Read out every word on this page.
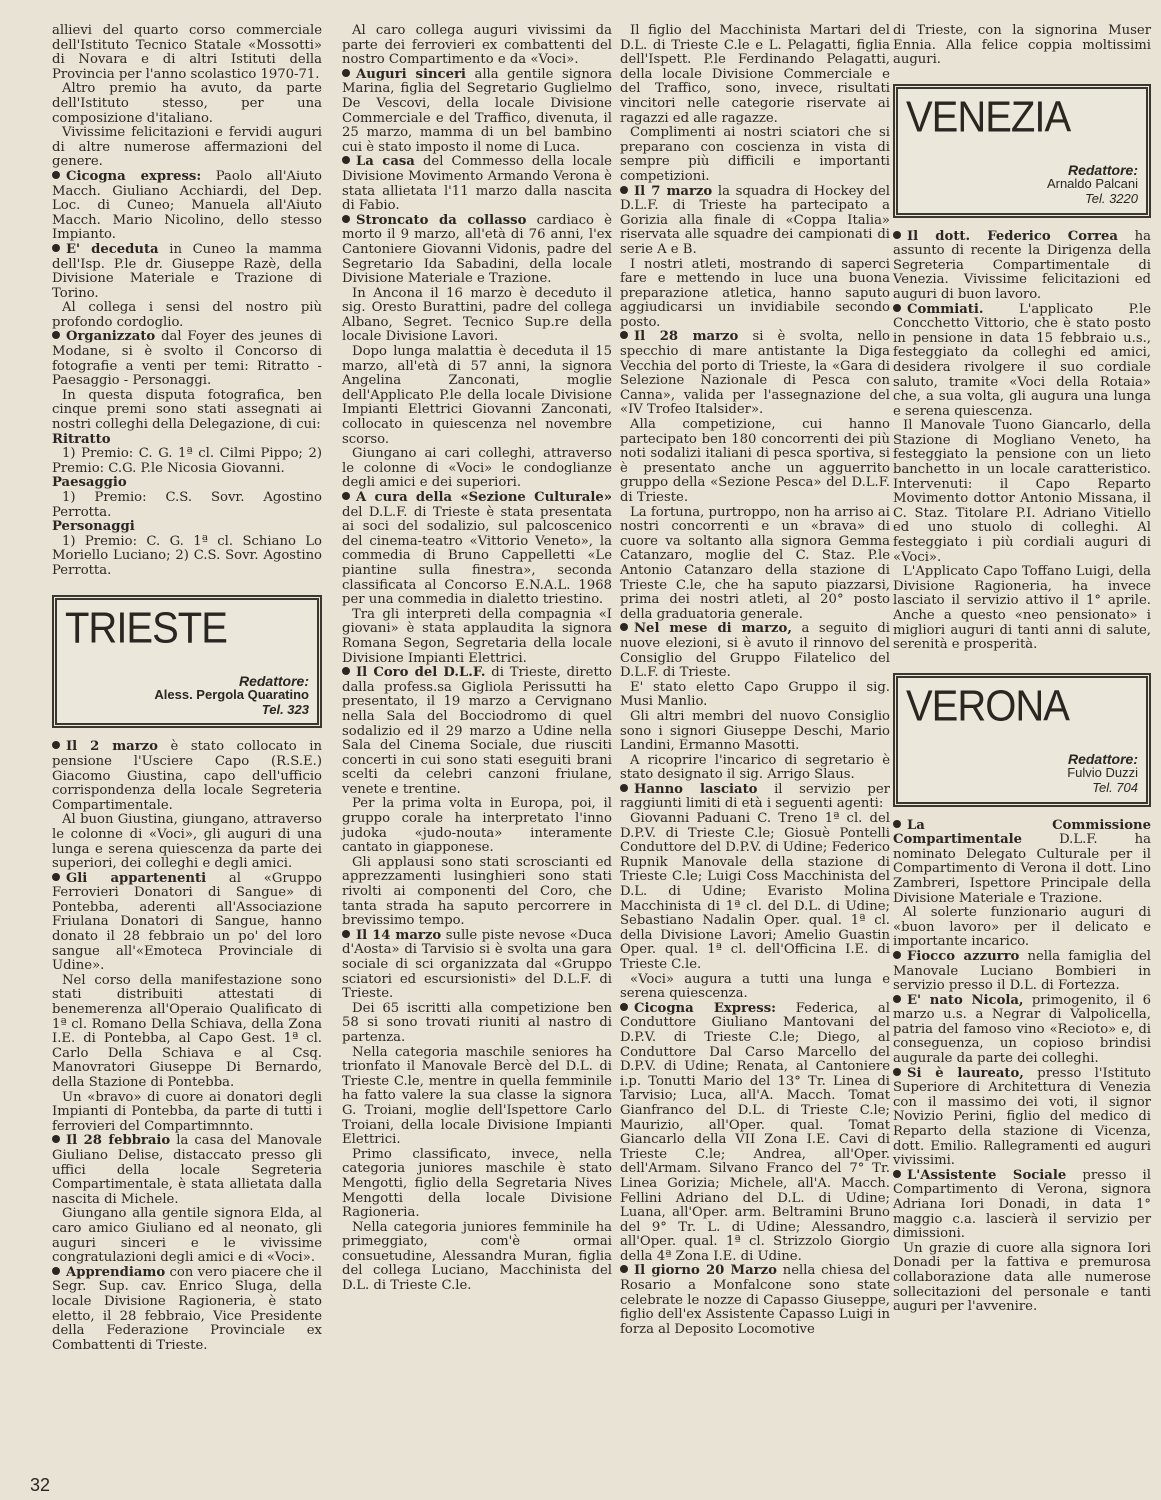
allievi del quarto corso commerciale dell'Istituto Tecnico Statale «Mossotti» di Novara e di altri Istituti della Provincia per l'anno scolastico 1970-71.

Altro premio ha avuto, da parte dell'Istituto stesso, per una composizione d'italiano.

Vivissime felicitazioni e fervidi auguri di altre numerose affermazioni del genere.

Cicogna express: Paolo all'Aiuto Macch. Giuliano Acchiardi, del Dep. Loc. di Cuneo; Manuela all'Aiuto Macch. Mario Nicolino, dello stesso Impianto.

E' deceduta in Cuneo la mamma dell'Isp. P.le dr. Giuseppe Razè, della Divisione Materiale e Trazione di Torino.

Al collega i sensi del nostro più profondo cordoglio.

Organizzato dal Foyer des jeunes di Modane, si è svolto il Concorso di fotografie a venti per temi: Ritratto - Paesaggio - Personaggi.

In questa disputa fotografica, ben cinque premi sono stati assegnati ai nostri colleghi della Delegazione, di cui:

Ritratto

1) Premio: C. G. 1ª cl. Cilmi Pippo; 2) Premio: C.G. P.le Nicosia Giovanni.

Paesaggio

1) Premio: C.S. Sovr. Agostino Perrotta.

Personaggi

1) Premio: C. G. 1ª cl. Schiano Lo Moriello Luciano; 2) C.S. Sovr. Agostino Perrotta.

TRIESTE
Redattore:
Aless. Pergola Quaratino
Tel. 323

Il 2 marzo è stato collocato in pensione l'Usciere Capo (R.S.E.) Giacomo Giustina, capo dell'ufficio corrispondenza della locale Segreteria Compartimentale.

Al buon Giustina, giungano, attraverso le colonne di «Voci», gli auguri di una lunga e serena quiescenza da parte dei superiori, dei colleghi e degli amici.

Gli appartenenti al «Gruppo Ferrovieri Donatori di Sangue» di Pontebba, aderenti all'Associazione Friulana Donatori di Sangue, hanno donato il 28 febbraio un po' del loro sangue all'«Emoteca Provinciale di Udine».

Nel corso della manifestazione sono stati distribuiti attestati di benemerenza all'Operaio Qualificato di 1ª cl. Romano Della Schiava, della Zona I.E. di Pontebba, al Capo Gest. 1ª cl. Carlo Della Schiava e al Csq. Manovratori Giuseppe Di Bernardo, della Stazione di Pontebba.

Un «bravo» di cuore ai donatori degli Impianti di Pontebba, da parte di tutti i ferrovieri del Compartimnnto.

Il 28 febbraio la casa del Manovale Giuliano Delise, distaccato presso gli uffici della locale Segreteria Compartimentale, è stata allietata dalla nascita di Michele.

Giungano alla gentile signora Elda, al caro amico Giuliano ed al neonato, gli auguri sinceri e le vivissime congratulazioni degli amici e di «Voci».

Apprendiamo con vero piacere che il Segr. Sup. cav. Enrico Sluga, della locale Divisione Ragioneria, è stato eletto, il 28 febbraio, Vice Presidente della Federazione Provinciale ex Combattenti di Trieste.

Al caro collega auguri vivissimi da parte dei ferrovieri ex combattenti del nostro Compartimento e da «Voci».

Auguri sinceri alla gentile signora Marina, figlia del Segretario Guglielmo De Vescovi, della locale Divisione Commerciale e del Traffico, divenuta, il 25 marzo, mamma di un bel bambino cui è stato imposto il nome di Luca.

La casa del Commesso della locale Divisione Movimento Armando Verona è stata allietata l'11 marzo dalla nascita di Fabio.

Stroncato da collasso cardiaco è morto il 9 marzo, all'età di 76 anni, l'ex Cantoniere Giovanni Vidonis, padre del Segretario Ida Sabadini, della locale Divisione Materiale e Trazione.

In Ancona il 16 marzo è deceduto il sig. Oresto Burattini, padre del collega Albano, Segret. Tecnico Sup.re della locale Divisione Lavori.

Dopo lunga malattia è deceduta il 15 marzo, all'età di 57 anni, la signora Angelina Zanconati, moglie dell'Applicato P.le della locale Divisione Impianti Elettrici Giovanni Zanconati, collocato in quiescenza nel novembre scorso.

Giungano ai cari colleghi, attraverso le colonne di «Voci» le condoglianze degli amici e dei superiori.

A cura della «Sezione Culturale» del D.L.F. di Trieste è stata presentata ai soci del sodalizio, sul palcoscenico del cinema-teatro «Vittorio Veneto», la commedia di Bruno Cappelletti «Le piantine sulla finestra», seconda classificata al Concorso E.N.A.L. 1968 per una commedia in dialetto triestino.

Tra gli interpreti della compagnia «I giovani» è stata applaudita la signora Romana Segon, Segretaria della locale Divisione Impianti Elettrici.

Il Coro del D.L.F. di Trieste, diretto dalla profess.sa Gigliola Perissutti ha presentato, il 19 marzo a Cervignano nella Sala del Bocciodromo di quel sodalizio ed il 29 marzo a Udine nella Sala del Cinema Sociale, due riusciti concerti in cui sono stati eseguiti brani scelti da celebri canzoni friulane, venete e trentine.

Per la prima volta in Europa, poi, il gruppo corale ha interpretato l'inno judoka «judo-nouta» interamente cantato in giapponese.

Gli applausi sono stati scroscianti ed apprezzamenti lusinghieri sono stati rivolti ai componenti del Coro, che tanta strada ha saputo percorrere in brevissimo tempo.

Il 14 marzo sulle piste nevose «Duca d'Aosta» di Tarvisio si è svolta una gara sociale di sci organizzata dal «Gruppo sciatori ed escursionisti» del D.L.F. di Trieste.

Dei 65 iscritti alla competizione ben 58 si sono trovati riuniti al nastro di partenza.

Nella categoria maschile seniores ha trionfato il Manovale Bercè del D.L. di Trieste C.le, mentre in quella femminile ha fatto valere la sua classe la signora G. Troiani, moglie dell'Ispettore Carlo Troiani, della locale Divisione Impianti Elettrici.

Primo classificato, invece, nella categoria juniores maschile è stato Mengotti, figlio della Segretaria Nives Mengotti della locale Divisione Ragioneria.

Nella categoria juniores femminile ha primeggiato, com'è ormai consuetudine, Alessandra Muran, figlia del collega Luciano, Macchinista del D.L. di Trieste C.le.

Il figlio del Macchinista Martari del D.L. di Trieste C.le e L. Pelagatti, figlia dell'Ispett. P.le Ferdinando Pelagatti, della locale Divisione Commerciale e del Traffico, sono, invece, risultati vincitori nelle categorie riservate ai ragazzi ed alle ragazze.

Complimenti ai nostri sciatori che si preparano con coscienza in vista di sempre più difficili e importanti competizioni.

Il 7 marzo la squadra di Hockey del D.L.F. di Trieste ha partecipato a Gorizia alla finale di «Coppa Italia» riservata alle squadre dei campionati di serie A e B.

I nostri atleti, mostrando di saperci fare e mettendo in luce una buona preparazione atletica, hanno saputo aggiudicarsi un invidiabile secondo posto.

Il 28 marzo si è svolta, nello specchio di mare antistante la Diga Vecchia del porto di Trieste, la «Gara di Selezione Nazionale di Pesca con Canna», valida per l'assegnazione del «IV Trofeo Italsider».

Alla competizione, cui hanno partecipato ben 180 concorrenti dei più noti sodalizi italiani di pesca sportiva, si è presentato anche un agguerrito gruppo della «Sezione Pesca» del D.L.F. di Trieste.

La fortuna, purtroppo, non ha arriso ai nostri concorrenti e un «brava» di cuore va soltanto alla signora Gemma Catanzaro, moglie del C. Staz. P.le Antonio Catanzaro della stazione di Trieste C.le, che ha saputo piazzarsi, prima dei nostri atleti, al 20° posto della graduatoria generale.

Nel mese di marzo, a seguito di nuove elezioni, si è avuto il rinnovo del Consiglio del Gruppo Filatelico del D.L.F. di Trieste.

E' stato eletto Capo Gruppo il sig. Musi Manlio.

Gli altri membri del nuovo Consiglio sono i signori Giuseppe Deschi, Mario Landini, Ermanno Masotti.

A ricoprire l'incarico di segretario è stato designato il sig. Arrigo Slaus.

Hanno lasciato il servizio per raggiunti limiti di età i seguenti agenti:

Giovanni Paduani C. Treno 1ª cl. del D.P.V. di Trieste C.le; Giosuè Pontelli Conduttore del D.P.V. di Udine; Federico Rupnik Manovale della stazione di Trieste C.le; Luigi Coss Macchinista del D.L. di Udine; Evaristo Molina Macchinista di 1ª cl. del D.L. di Udine; Sebastiano Nadalin Oper. qual. 1ª cl. della Divisione Lavori; Amelio Guastin Oper. qual. 1ª cl. dell'Officina I.E. di Trieste C.le.

«Voci» augura a tutti una lunga e serena quiescenza.

Cicogna Express: Federica, al Conduttore Giuliano Mantovani del D.P.V. di Trieste C.le; Diego, al Conduttore Dal Carso Marcello del D.P.V. di Udine; Renata, al Cantoniere i.p. Tonutti Mario del 13° Tr. Linea di Tarvisio; Luca, all'A. Macch. Tomat Gianfranco del D.L. di Trieste C.le; Maurizio, all'Oper. qual. Tomat Giancarlo della VII Zona I.E. Cavi di Trieste C.le; Andrea, all'Oper. dell'Armam. Silvano Franco del 7° Tr. Linea Gorizia; Michele, all'A. Macch. Fellini Adriano del D.L. di Udine; Luana, all'Oper. arm. Beltramini Bruno del 9° Tr. L. di Udine; Alessandro, all'Oper. qual. 1ª cl. Strizzolo Giorgio della 4ª Zona I.E. di Udine.

Il giorno 20 Marzo nella chiesa del Rosario a Monfalcone sono state celebrate le nozze di Capasso Giuseppe, figlio dell'ex Assistente Capasso Luigi in forza al Deposito Locomotive

di Trieste, con la signorina Muser Ennia. Alla felice coppia moltissimi auguri.

VENEZIA
Redattore:
Arnaldo Palcani
Tel. 3220

Il dott. Federico Correa ha assunto di recente la Dirigenza della Segreteria Compartimentale di Venezia. Vivissime felicitazioni ed auguri di buon lavoro.

Commiati.	L'applicato P.le Concchetto Vittorio, che è stato posto in pensione in data 15 febbraio u.s., festeggiato da colleghi ed amici, desidera rivolgere il suo cordiale saluto, tramite «Voci della Rotaia» che, a sua volta, gli augura una lunga e serena quiescenza.

Il Manovale Tuono Giancarlo, della Stazione di Mogliano Veneto, ha festeggiato la pensione con un lieto banchetto in un locale caratteristico. Intervenuti: il Capo Reparto Movimento dottor Antonio Missana, il C. Staz. Titolare P.I. Adriano Vitiello ed uno stuolo di colleghi. Al festeggiato i più cordiali auguri di «Voci».

L'Applicato Capo Toffano Luigi, della Divisione Ragioneria, ha invece lasciato il servizio attivo il 1° aprile. Anche a questo «neo pensionato» i migliori auguri di tanti anni di salute, serenità e prosperità.

VERONA
Redattore:
Fulvio Duzzi
Tel. 704

La Commissione Compartimentale	D.L.F. ha nominato Delegato Culturale per il Compartimento di Verona il dott. Lino Zambreri, Ispettore Principale della Divisione Materiale e Trazione.

Al solerte funzionario auguri di «buon lavoro» per il delicato e importante incarico.

Fiocco azzurro nella famiglia del Manovale Luciano Bombieri in servizio presso il D.L. di Fortezza.

E' nato Nicola, primogenito, il 6 marzo u.s. a Negrar di Valpolicella, patria del famoso vino «Recioto» e, di conseguenza, un copioso brindisi augurale da parte dei colleghi.

Si è laureato, presso l'Istituto Superiore di Architettura di Venezia con il massimo dei voti, il signor Novizio Perini, figlio del medico di Reparto della stazione di Vicenza, dott. Emilio. Rallegramenti ed auguri vivissimi.

L'Assistente Sociale presso il Compartimento di Verona, signora Adriana Iori Donadi, in data 1° maggio c.a. lascierà il servizio per dimissioni.

Un grazie di cuore alla signora Iori Donadi per la fattiva e premurosa collaborazione data alle numerose sollecitazioni del personale e tanti auguri per l'avvenire.

32
